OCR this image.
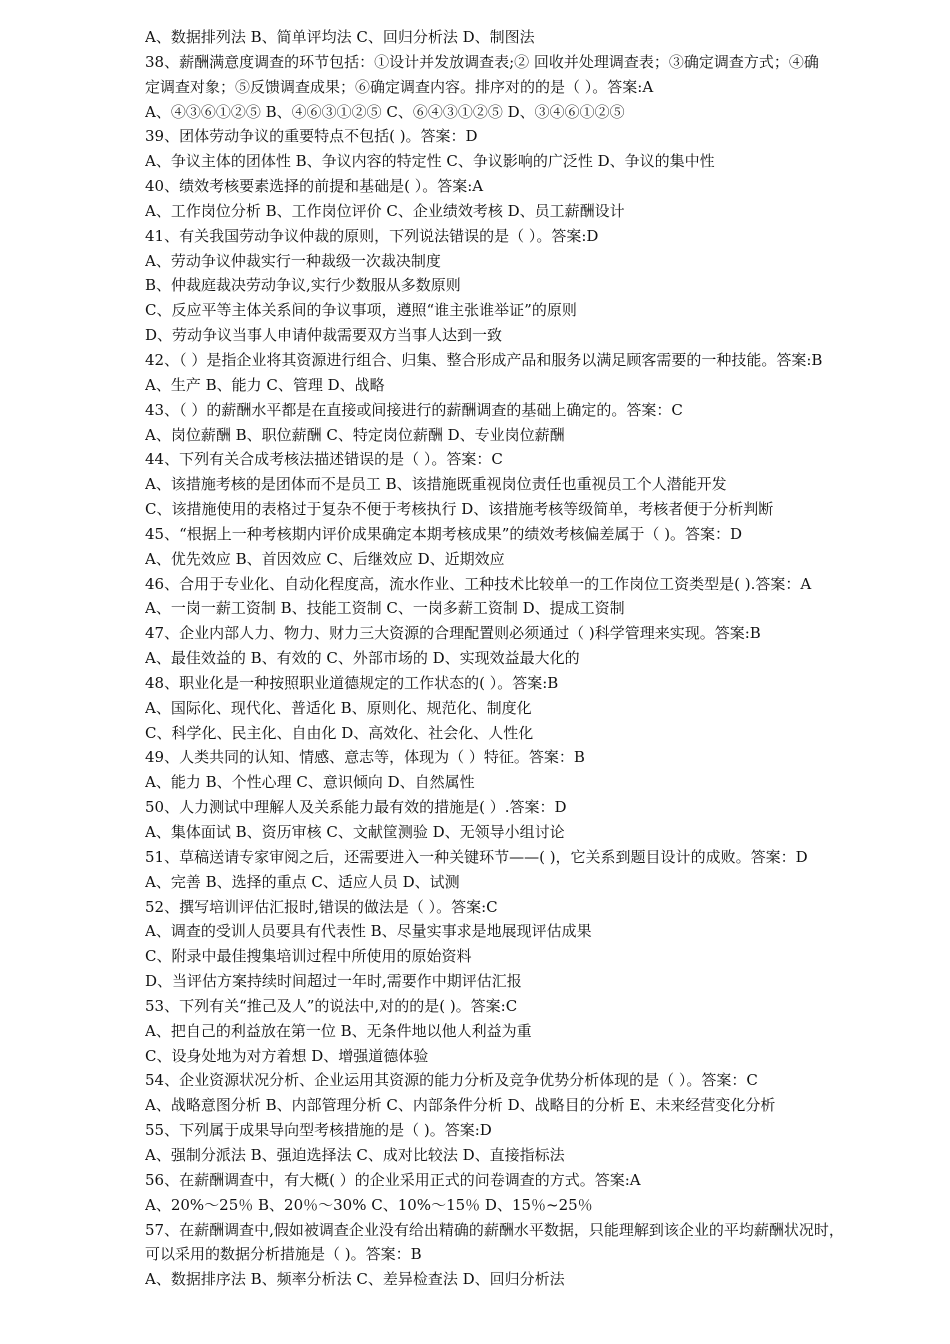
A、数据排列法 B、简单评均法 C、回归分析法 D、制图法
38、薪酬满意度调查的环节包括：①设计并发放调查表;② 回收并处理调查表；③确定调查方式；④确
定调查对象；⑤反馈调查成果；⑥确定调查内容。排序对的的是（ ）。答案:A
A、④③⑥①②⑤ B、④⑥③①②⑤ C、⑥④③①②⑤ D、③④⑥①②⑤
39、团体劳动争议的重要特点不包括( )。答案：D
A、争议主体的团体性 B、争议内容的特定性 C、争议影响的广泛性 D、争议的集中性
40、绩效考核要素选择的前提和基础是( ）。答案:A
A、工作岗位分析 B、工作岗位评价 C、企业绩效考核 D、员工薪酬设计
41、有关我国劳动争议仲裁的原则，下列说法错误的是（ ）。答案:D
A、劳动争议仲裁实行一种裁级一次裁决制度
B、仲裁庭裁决劳动争议,实行少数服从多数原则
C、反应平等主体关系间的争议事项，遵照“谁主张谁举证”的原则
D、劳动争议当事人申请仲裁需要双方当事人达到一致
42、（ ）是指企业将其资源进行组合、归集、整合形成产品和服务以满足顾客需要的一种技能。答案:B
A、生产 B、能力 C、管理 D、战略
43、（ ）的薪酬水平都是在直接或间接进行的薪酬调查的基础上确定的。答案：C
A、岗位薪酬 B、职位薪酬 C、特定岗位薪酬 D、专业岗位薪酬
44、下列有关合成考核法描述错误的是（ ）。答案：C
A、该措施考核的是团体而不是员工 B、该措施既重视岗位责任也重视员工个人潜能开发
C、该措施使用的表格过于复杂不便于考核执行 D、该措施考核等级简单，考核者便于分析判断
45、“根据上一种考核期内评价成果确定本期考核成果”的绩效考核偏差属于（ )。答案：D
A、优先效应 B、首因效应 C、后继效应 D、近期效应
46、合用于专业化、自动化程度高，流水作业、工种技术比较单一的工作岗位工资类型是( ).答案：A
A、一岗一薪工资制 B、技能工资制 C、一岗多薪工资制 D、提成工资制
47、企业内部人力、物力、财力三大资源的合理配置则必须通过（ )科学管理来实现。答案:B
A、最佳效益的 B、有效的 C、外部市场的 D、实现效益最大化的
48、职业化是一种按照职业道德规定的工作状态的( ）。答案:B
A、国际化、现代化、普适化 B、原则化、规范化、制度化
C、科学化、民主化、自由化 D、高效化、社会化、人性化
49、人类共同的认知、情感、意志等，体现为（ ）特征。答案：B
A、能力 B、个性心理 C、意识倾向 D、自然属性
50、人力测试中理解人及关系能力最有效的措施是( ）.答案：D
A、集体面试 B、资历审核 C、文献筐测验 D、无领导小组讨论
51、草稿送请专家审阅之后，还需要进入一种关键环节——( )，它关系到题目设计的成败。答案：D
A、完善 B、选择的重点 C、适应人员 D、试测
52、撰写培训评估汇报时,错误的做法是（ ）。答案:C
A、调查的受训人员要具有代表性 B、尽量实事求是地展现评估成果
C、附录中最佳搜集培训过程中所使用的原始资料
D、当评估方案持续时间超过一年时,需要作中期评估汇报
53、下列有关“推己及人”的说法中,对的的是( )。答案:C
A、把自己的利益放在第一位 B、无条件地以他人利益为重
C、设身处地为对方着想 D、增强道德体验
54、企业资源状况分析、企业运用其资源的能力分析及竞争优势分析体现的是（ ）。答案：C
A、战略意图分析 B、内部管理分析 C、内部条件分析 D、战略目的分析 E、未来经营变化分析
55、下列属于成果导向型考核措施的是（ )。答案:D
A、强制分派法 B、强迫选择法 C、成对比较法 D、直接指标法
56、在薪酬调查中，有大概( ）的企业采用正式的问卷调查的方式。答案:A
A、20%～25％ B、20％～30% C、10%～15％ D、15％~25％
57、在薪酬调查中,假如被调查企业没有给出精确的薪酬水平数据，只能理解到该企业的平均薪酬状况时，
可以采用的数据分析措施是（ )。答案：B
A、数据排序法 B、频率分析法 C、差异检查法 D、回归分析法
